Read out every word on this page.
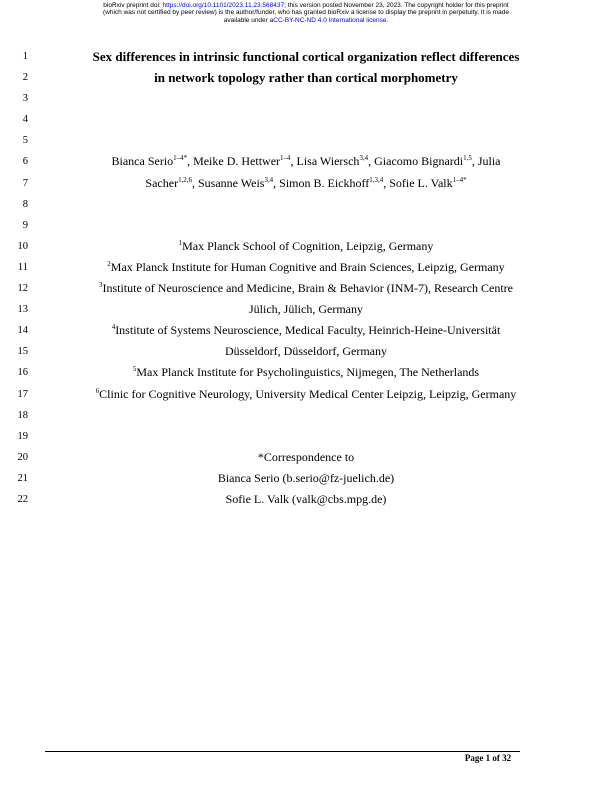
bioRxiv preprint doi: https://doi.org/10.1101/2023.11.23.568437; this version posted November 23, 2023. The copyright holder for this preprint
(which was not certified by peer review) is the author/funder, who has granted bioRxiv a license to display the preprint in perpetuity. It is made
available under aCC-BY-NC-ND 4.0 International license.
1	Sex differences in intrinsic functional cortical organization reflect differences
2	in network topology rather than cortical morphometry
3
4
5
6	Bianca Serio$^{1-4*}$, Meike D. Hettwer$^{1-4}$, Lisa Wiersch$^{3,4}$, Giacomo Bignardi$^{1,5}$, Julia
7	Sacher$^{1,2,6}$, Susanne Weis$^{3,4}$, Simon B. Eickhoff$^{1,3,4}$, Sofie L. Valk$^{1-4*}$
8
9
10	$^1$Max Planck School of Cognition, Leipzig, Germany
11	$^2$Max Planck Institute for Human Cognitive and Brain Sciences, Leipzig, Germany
12	$^3$Institute of Neuroscience and Medicine, Brain & Behavior (INM-7), Research Centre
13	Jülich, Jülich, Germany
14	$^4$Institute of Systems Neuroscience, Medical Faculty, Heinrich-Heine-Universität
15	Düsseldorf, Düsseldorf, Germany
16	$^5$Max Planck Institute for Psycholinguistics, Nijmegen, The Netherlands
17	$^6$Clinic for Cognitive Neurology, University Medical Center Leipzig, Leipzig, Germany
18
19
20	*Correspondence to
21	Bianca Serio (b.serio@fz-juelich.de)
22	Sofie L. Valk (valk@cbs.mpg.de)
Page 1 of 32
